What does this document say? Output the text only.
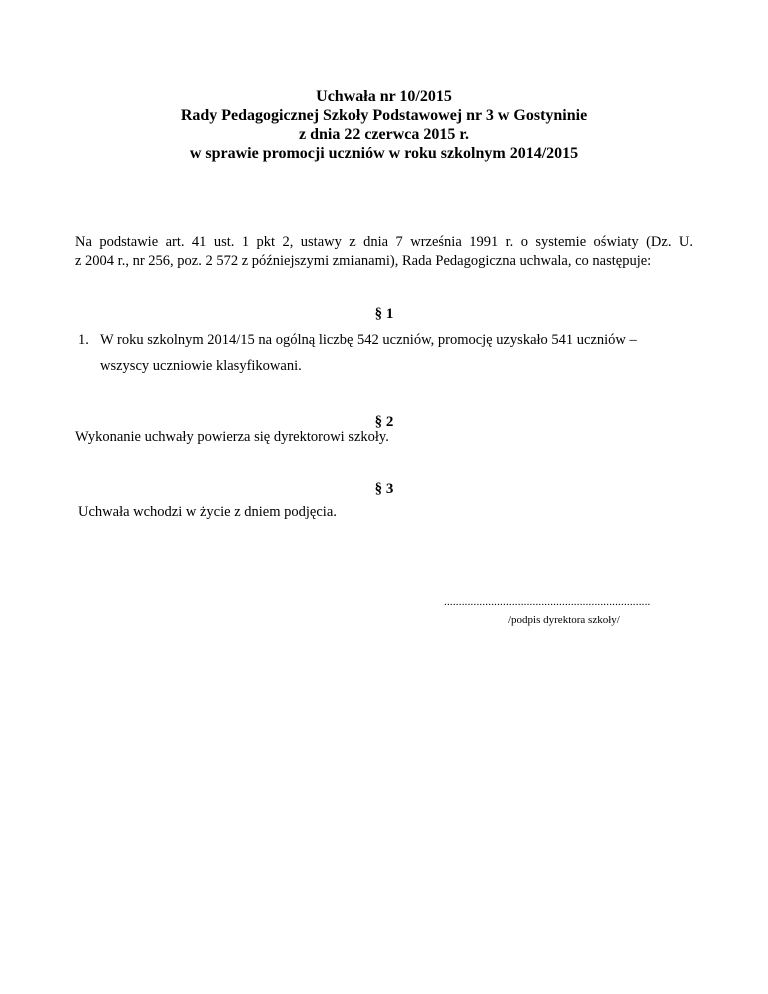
Uchwała nr 10/2015
Rady Pedagogicznej Szkoły Podstawowej nr 3 w Gostyninie
z dnia 22 czerwca 2015 r.
w sprawie promocji uczniów w roku szkolnym 2014/2015
Na podstawie art. 41 ust. 1 pkt 2, ustawy z dnia 7 września 1991 r. o systemie oświaty (Dz. U.
z 2004 r., nr 256, poz. 2 572 z późniejszymi zmianami), Rada Pedagogiczna uchwala, co następuje:
§ 1
1. W roku szkolnym 2014/15 na ogólną liczbę 542 uczniów, promocję uzyskało 541 uczniów –
wszyscy uczniowie klasyfikowani.
§ 2
Wykonanie uchwały powierza się dyrektorowi szkoły.
§ 3
Uchwała wchodzi w życie z dniem podjęcia.
......................................................................
/podpis dyrektora szkoły/
